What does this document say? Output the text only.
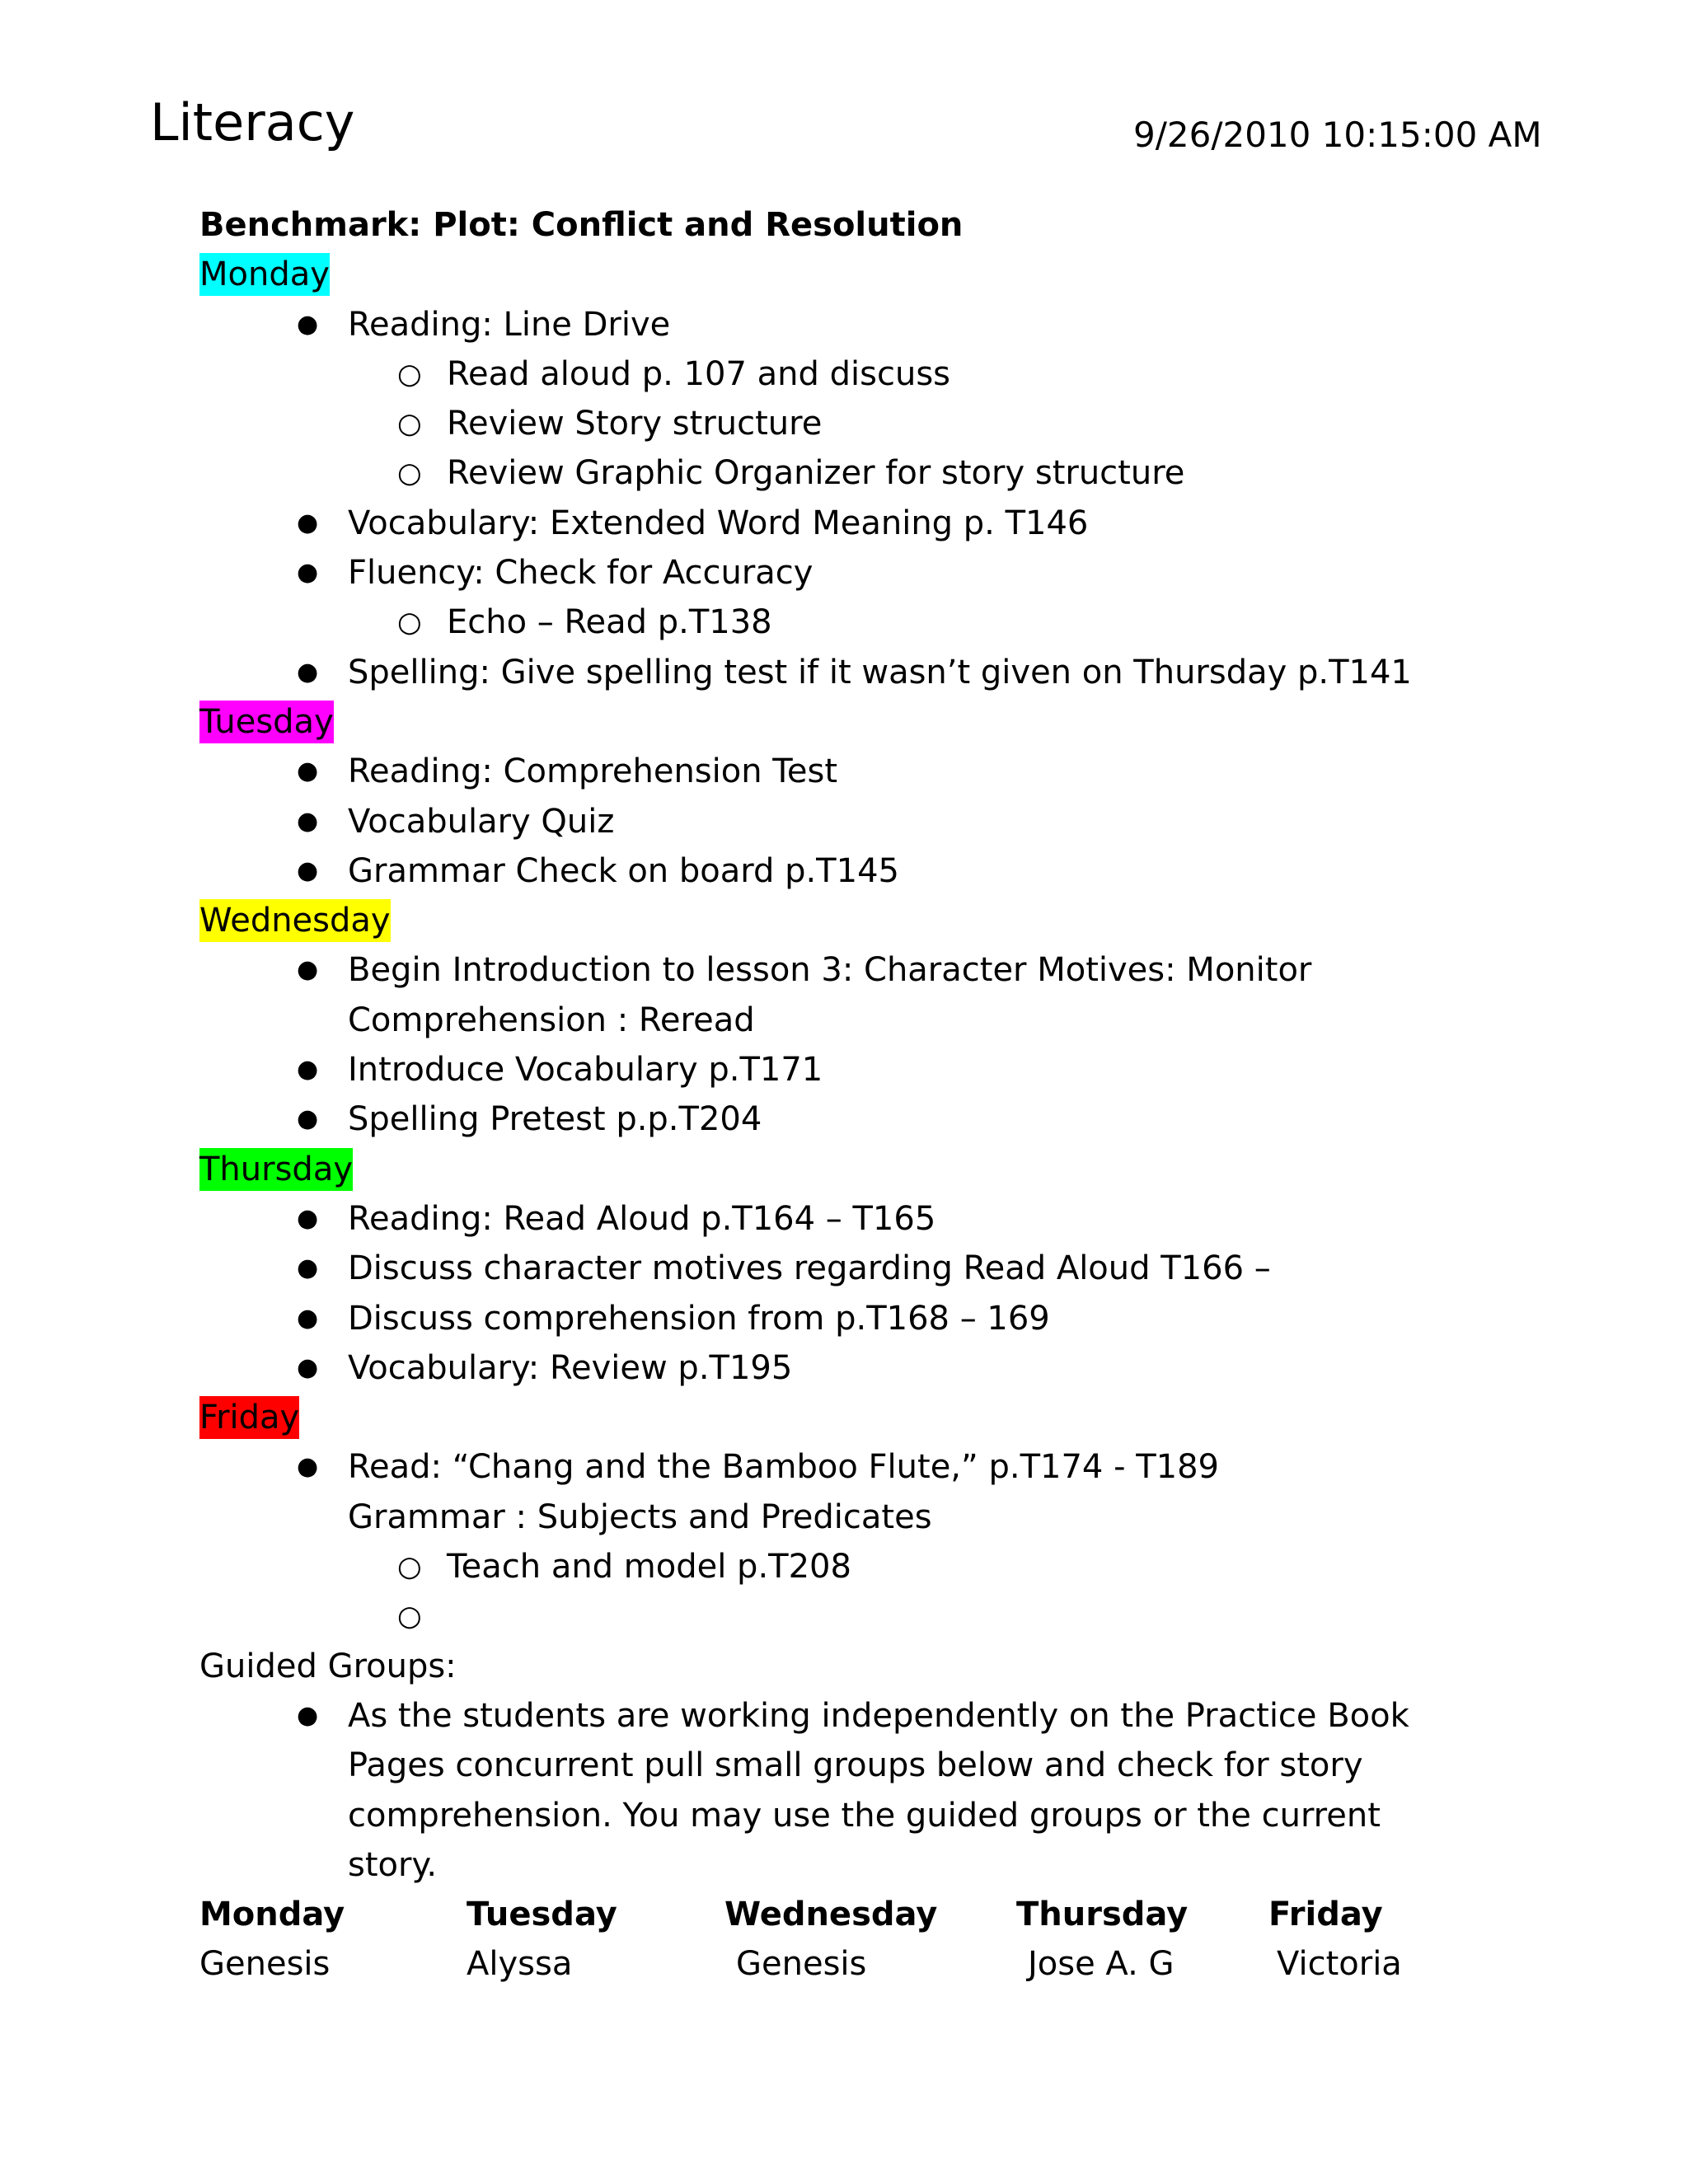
Literacy	9/26/2010 10:15:00 AM
Benchmark: Plot: Conflict and Resolution
Monday
● Reading: Line Drive
○ Read aloud p. 107 and discuss
○ Review Story structure
○ Review Graphic Organizer for story structure
● Vocabulary: Extended Word Meaning p. T146
● Fluency: Check for Accuracy
○ Echo – Read p.T138
● Spelling: Give spelling test if it wasn’t given on Thursday p.T141
Tuesday
● Reading: Comprehension Test
● Vocabulary Quiz
● Grammar Check on board p.T145
Wednesday
● Begin Introduction to lesson 3: Character Motives: Monitor
Comprehension : Reread
● Introduce Vocabulary p.T171
● Spelling Pretest p.p.T204
Thursday
● Reading: Read Aloud p.T164 – T165
● Discuss character motives regarding Read Aloud T166 –
● Discuss comprehension from p.T168 – 169
● Vocabulary: Review p.T195
Friday
● Read: “Chang and the Bamboo Flute,” p.T174 - T189
Grammar : Subjects and Predicates
○ Teach and model p.T208
○
Guided Groups:
● As the students are working independently on the Practice Book
Pages concurrent pull small groups below and check for story
comprehension. You may use the guided groups or the current
story.
Monday	Tuesday	Wednesday Thursday Friday
Genesis	Alyssa	Genesis	Jose A. G	Victoria
